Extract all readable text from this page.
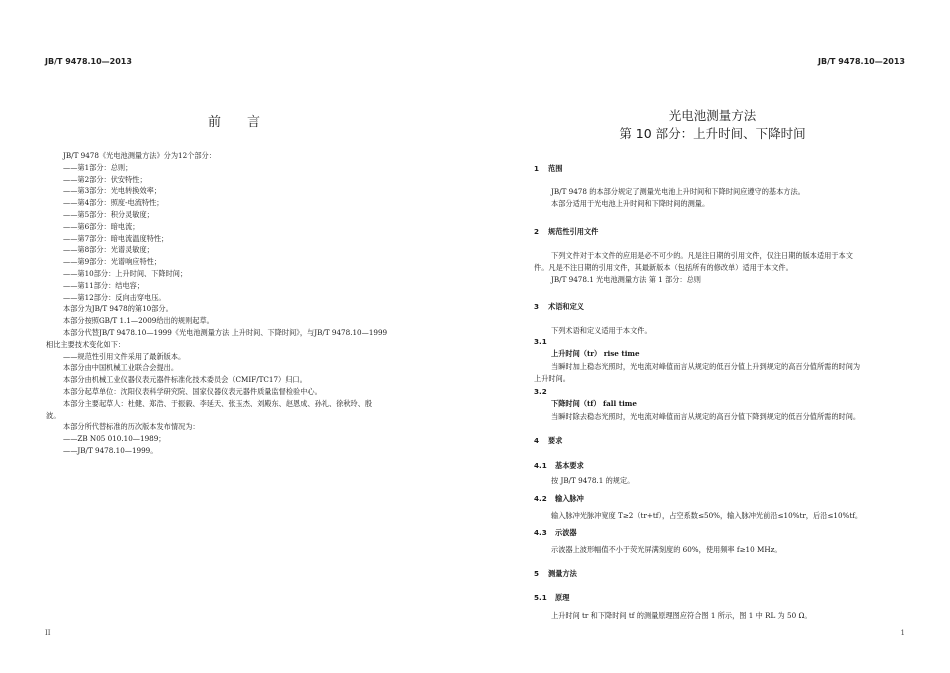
JB/T 9478.10—2013
前言
JB/T 9478《光电池测量方法》分为12个部分：
——第1部分：总则；
——第2部分：伏安特性；
——第3部分：光电转换效率；
——第4部分：照度-电流特性；
——第5部分：积分灵敏度；
——第6部分：暗电流；
——第7部分：暗电流温度特性；
——第8部分：光谱灵敏度；
——第9部分：光谱响应特性；
——第10部分：上升时间、下降时间；
——第11部分：结电容；
——第12部分：反向击穿电压。
本部分为JB/T 9478的第10部分。
本部分按照GB/T 1.1—2009给出的规则起草。
本部分代替JB/T 9478.10—1999《光电池测量方法 上升时间、下降时间》，与JB/T 9478.10—1999
相比主要技术变化如下：
——规范性引用文件采用了最新版本。
本部分由中国机械工业联合会提出。
本部分由机械工业仪器仪表元器件标准化技术委员会（CMIF/TC17）归口。
本部分起草单位：沈阳仪表科学研究院、国家仪器仪表元器件质量监督检验中心。
本部分主要起草人：杜健、郑浩、于振毅、李延天、张玉杰、刘殿东、赵恩成、孙礼、徐秋玲、殷
波。
本部分所代替标准的历次版本发布情况为：
——ZB N05 010.10—1989；
——JB/T 9478.10—1999。
II
JB/T 9478.10—2013
光电池测量方法
第 10 部分：上升时间、下降时间
1 范围
JB/T 9478 的本部分规定了测量光电池上升时间和下降时间应遵守的基本方法。
本部分适用于光电池上升时间和下降时间的测量。
2 规范性引用文件
下列文件对于本文件的应用是必不可少的。凡是注日期的引用文件，仅注日期的版本适用于本文
件。凡是不注日期的引用文件，其最新版本（包括所有的修改单）适用于本文件。
JB/T 9478.1 光电池测量方法 第 1 部分：总则
3 术语和定义
下列术语和定义适用于本文件。
3.1
上升时间（tr） rise time
当瞬时加上稳态光照时，光电流对峰值而言从规定的低百分值上升到规定的高百分值所需的时间为
上升时间。
3.2
下降时间（tf） fall time
当瞬时除去稳态光照时，光电流对峰值而言从规定的高百分值下降到规定的低百分值所需的时间。
4 要求
4.1 基本要求
按 JB/T 9478.1 的规定。
4.2 输入脉冲
输入脉冲光脉冲宽度 T≥2（tr+tf），占空系数≤50%，输入脉冲光前沿≤10%tr，后沿≤10%tf。
4.3 示波器
示波器上波形幅值不小于荧光屏满刻度的 60%，使用频率 f≥10 MHz。
5 测量方法
5.1 原理
上升时间 tr 和下降时间 tf 的测量原理图应符合图 1 所示，图 1 中 RL 为 50 Ω。
1
